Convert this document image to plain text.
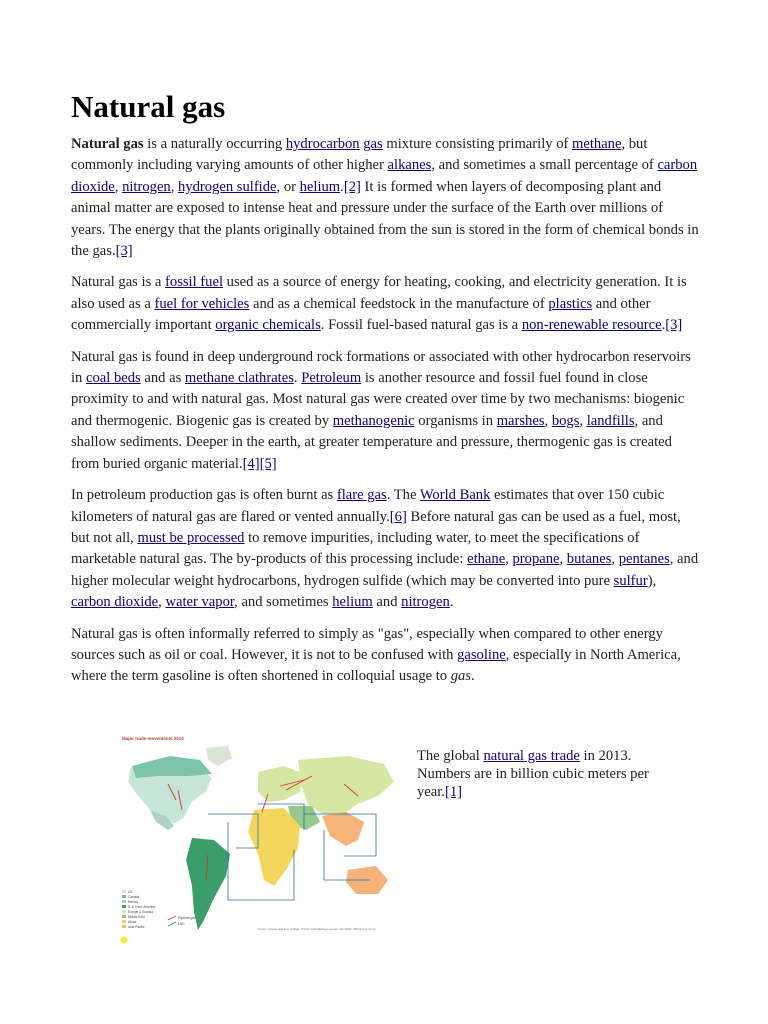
Natural gas

Natural gas is a naturally occurring hydrocarbon gas mixture consisting primarily of methane, but commonly including varying amounts of other higher alkanes, and sometimes a small percentage of carbon dioxide, nitrogen, hydrogen sulfide, or helium.[2] It is formed when layers of decomposing plant and animal matter are exposed to intense heat and pressure under the surface of the Earth over millions of years. The energy that the plants originally obtained from the sun is stored in the form of chemical bonds in the gas.[3]

Natural gas is a fossil fuel used as a source of energy for heating, cooking, and electricity generation. It is also used as a fuel for vehicles and as a chemical feedstock in the manufacture of plastics and other commercially important organic chemicals. Fossil fuel-based natural gas is a non-renewable resource.[3]

Natural gas is found in deep underground rock formations or associated with other hydrocarbon reservoirs in coal beds and as methane clathrates. Petroleum is another resource and fossil fuel found in close proximity to and with natural gas. Most natural gas were created over time by two mechanisms: biogenic and thermogenic. Biogenic gas is created by methanogenic organisms in marshes, bogs, landfills, and shallow sediments. Deeper in the earth, at greater temperature and pressure, thermogenic gas is created from buried organic material.[4][5]

In petroleum production gas is often burnt as flare gas. The World Bank estimates that over 150 cubic kilometers of natural gas are flared or vented annually.[6] Before natural gas can be used as a fuel, most, but not all, must be processed to remove impurities, including water, to meet the specifications of marketable natural gas. The by-products of this processing include: ethane, propane, butanes, pentanes, and higher molecular weight hydrocarbons, hydrogen sulfide (which may be converted into pure sulfur), carbon dioxide, water vapor, and sometimes helium and nitrogen.

Natural gas is often informally referred to simply as "gas", especially when compared to other energy sources such as oil or coal. However, it is not to be confused with gasoline, especially in North America, where the term gasoline is often shortened in colloquial usage to gas.

Major trade movements 2013
US
Canada
Mexico
S. & Cent. America
Europe & Eurasia
Middle East
Africa
Asia Pacific
Pipeline gas
LNG
Source: Includes data from Cedigaz, CISStat, FGE MENAgas service, IHS CERA, PIRA Energy Group
The global natural gas trade in 2013. Numbers are in billion cubic meters per year.[1]
